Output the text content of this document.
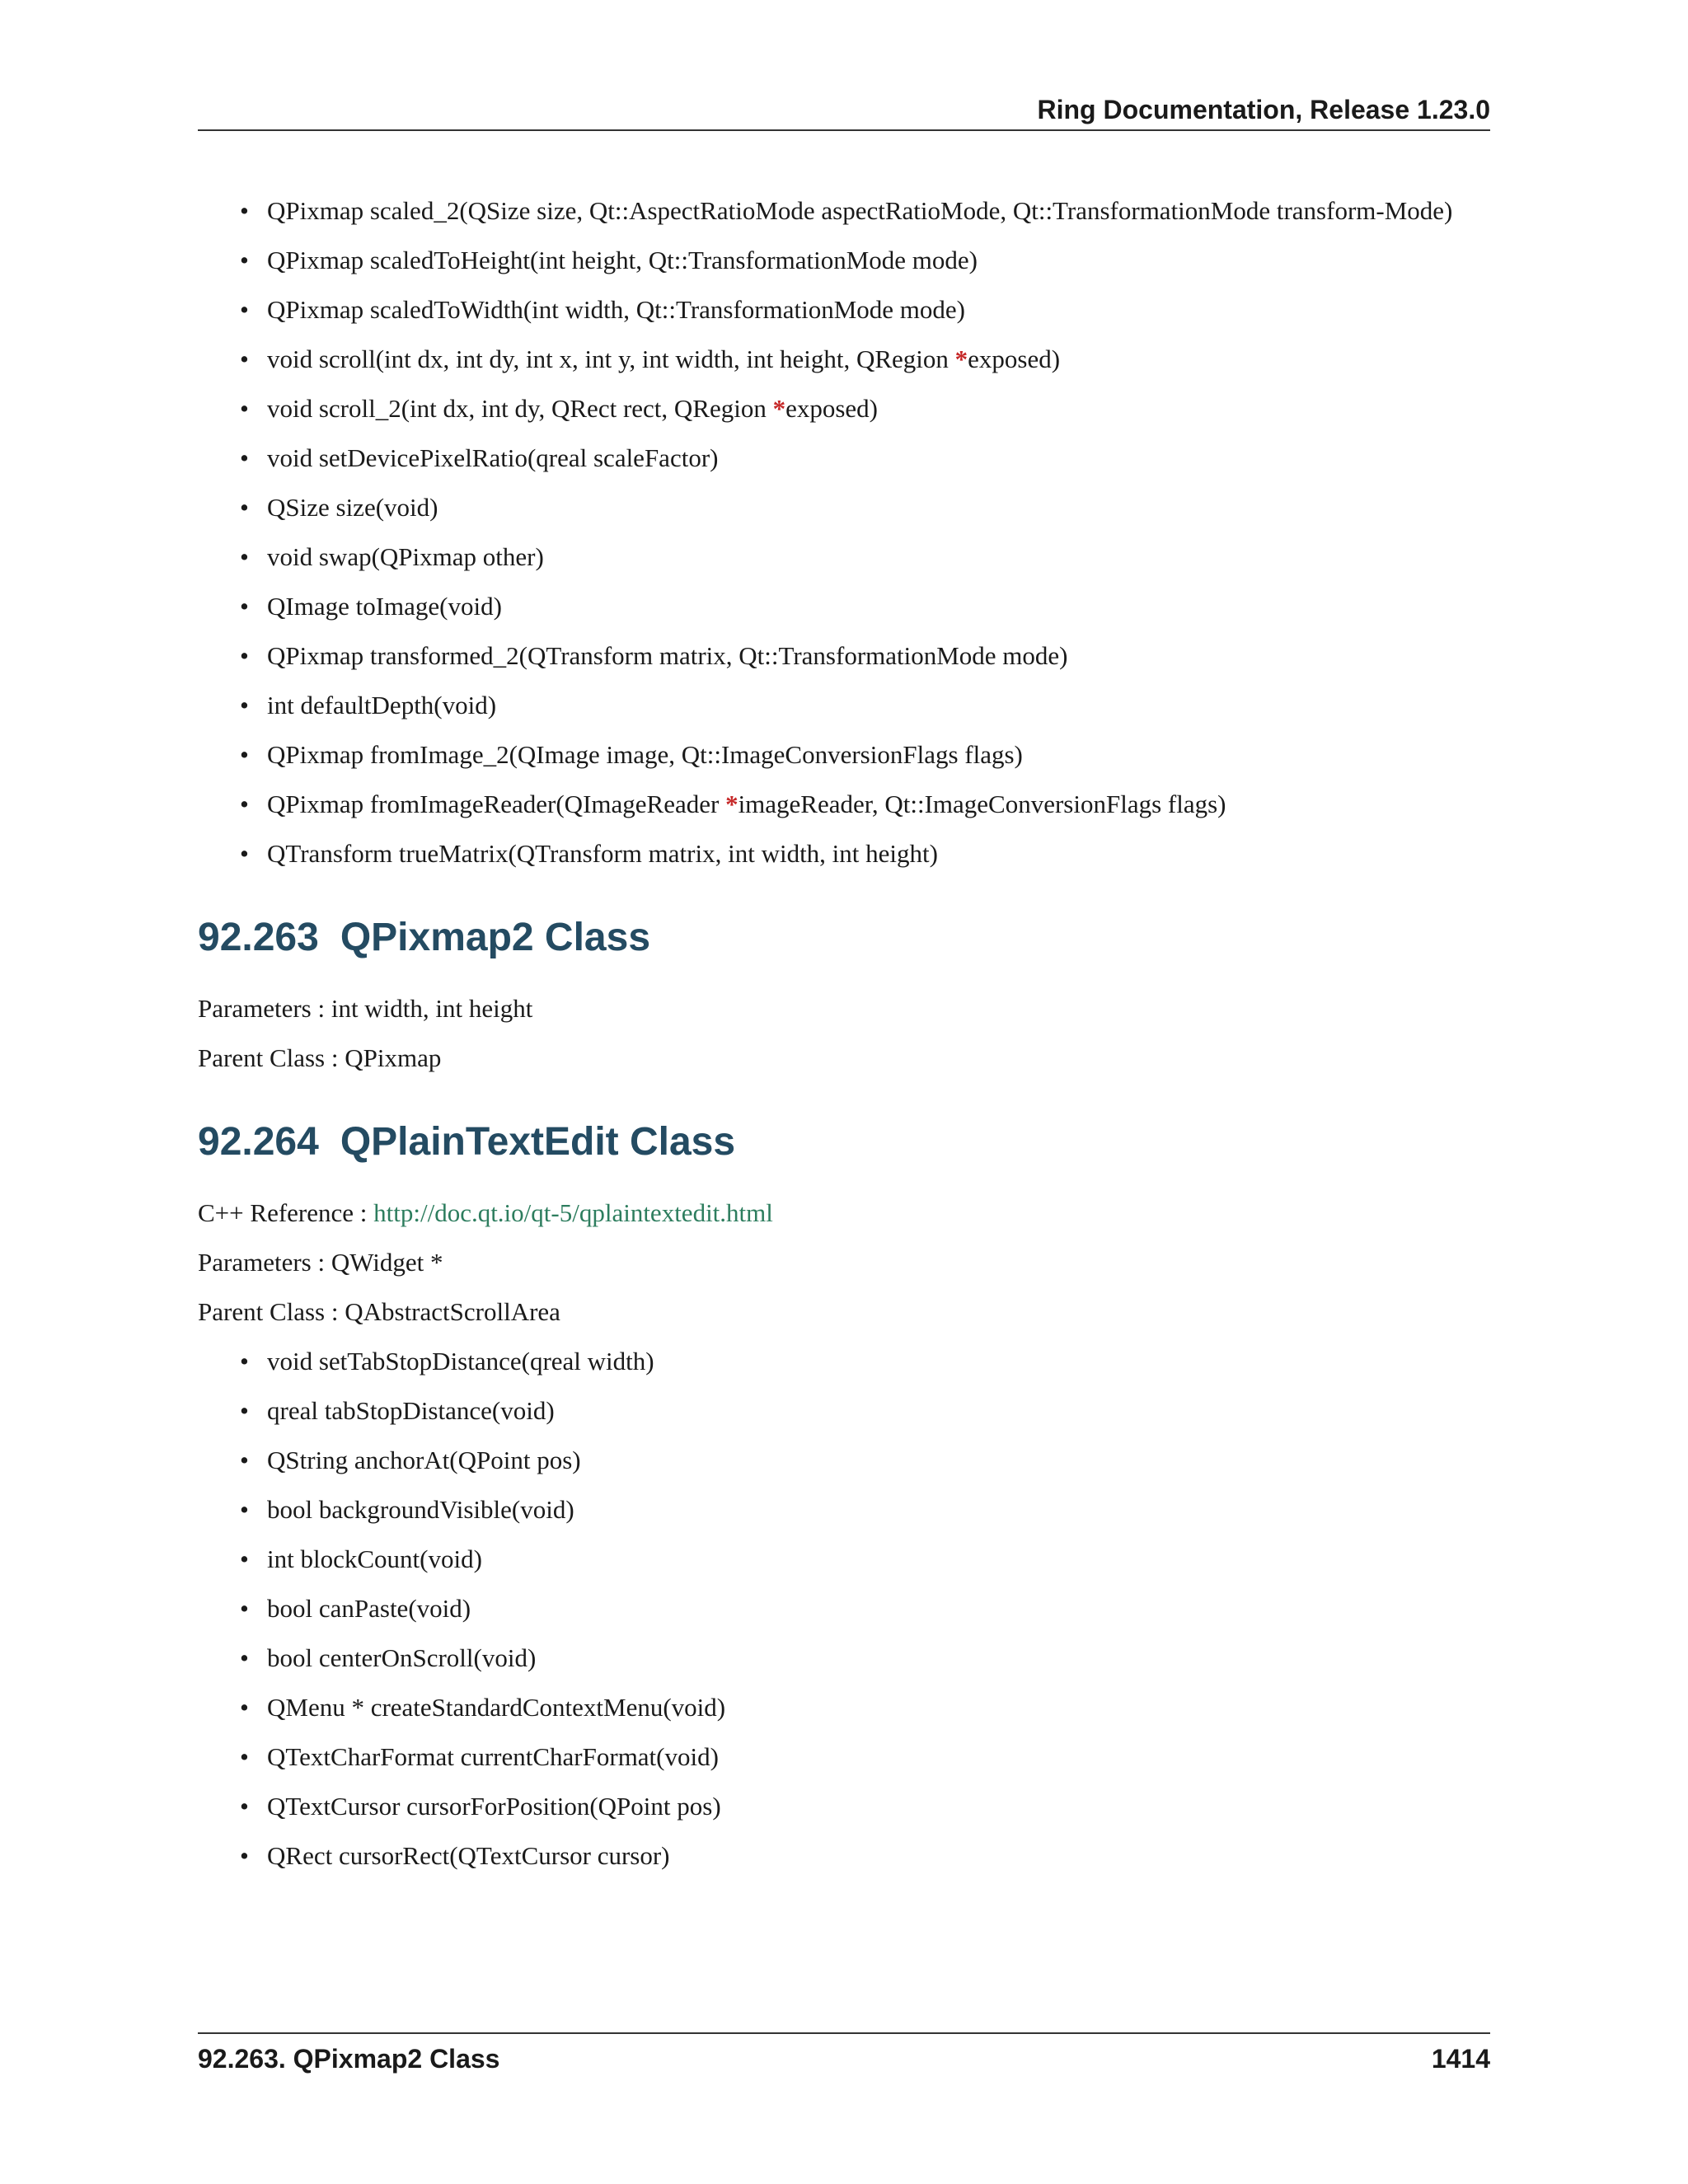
Ring Documentation, Release 1.23.0
• QPixmap scaled_2(QSize size, Qt::AspectRatioMode aspectRatioMode, Qt::TransformationMode transform-Mode)
• QPixmap scaledToHeight(int height, Qt::TransformationMode mode)
• QPixmap scaledToWidth(int width, Qt::TransformationMode mode)
• void scroll(int dx, int dy, int x, int y, int width, int height, QRegion *exposed)
• void scroll_2(int dx, int dy, QRect rect, QRegion *exposed)
• void setDevicePixelRatio(qreal scaleFactor)
• QSize size(void)
• void swap(QPixmap other)
• QImage toImage(void)
• QPixmap transformed_2(QTransform matrix, Qt::TransformationMode mode)
• int defaultDepth(void)
• QPixmap fromImage_2(QImage image, Qt::ImageConversionFlags flags)
• QPixmap fromImageReader(QImageReader *imageReader, Qt::ImageConversionFlags flags)
• QTransform trueMatrix(QTransform matrix, int width, int height)
92.263 QPixmap2 Class

Parameters : int width, int height

Parent Class : QPixmap

92.264 QPlainTextEdit Class

C++ Reference : http://doc.qt.io/qt-5/qplaintextedit.html

Parameters : QWidget *

Parent Class : QAbstractScrollArea

• void setTabStopDistance(qreal width)
• qreal tabStopDistance(void)
• QString anchorAt(QPoint pos)
• bool backgroundVisible(void)
• int blockCount(void)
• bool canPaste(void)
• bool centerOnScroll(void)
• QMenu * createStandardContextMenu(void)
• QTextCharFormat currentCharFormat(void)
• QTextCursor cursorForPosition(QPoint pos)
• QRect cursorRect(QTextCursor cursor)
92.263. QPixmap2 Class	1414
